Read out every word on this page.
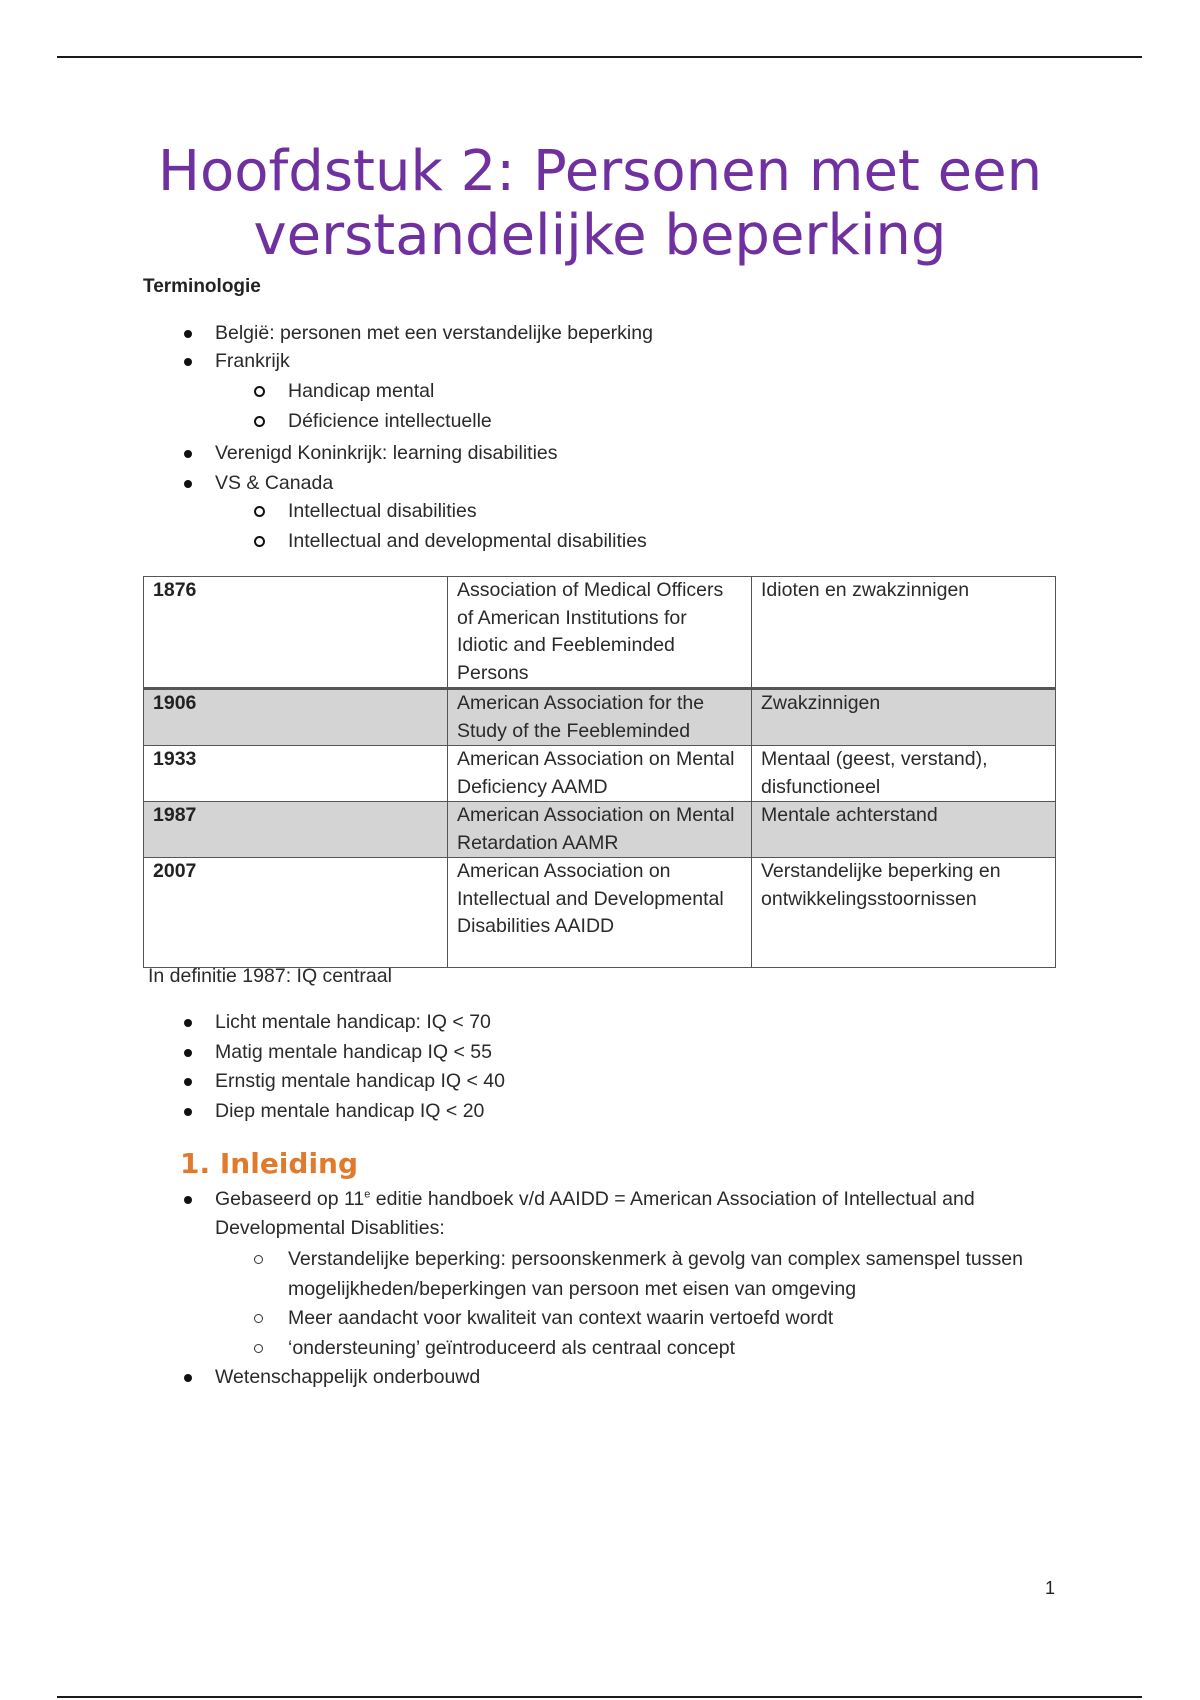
Hoofdstuk 2: Personen met een verstandelijke beperking
Terminologie
België: personen met een verstandelijke beperking
Frankrijk
Handicap mental
Déficience intellectuelle
Verenigd Koninkrijk: learning disabilities
VS & Canada
Intellectual disabilities
Intellectual and developmental disabilities
1876	Association of Medical Officers of American Institutions for Idiotic and Feebleminded Persons	Idioten en zwakzinnigen
1906	American Association for the Study of the Feebleminded	Zwakzinnigen
1933	American Association on Mental Deficiency AAMD	Mentaal (geest, verstand), disfunctioneel
1987	American Association on Mental Retardation AAMR	Mentale achterstand
2007	American Association on Intellectual and Developmental Disabilities AAIDD	Verstandelijke beperking en ontwikkelingsstoornissen
In definitie 1987: IQ centraal
Licht mentale handicap: IQ < 70
Matig mentale handicap IQ < 55
Ernstig mentale handicap IQ < 40
Diep mentale handicap IQ < 20
1. Inleiding
Gebaseerd op 11e editie handboek v/d AAIDD = American Association of Intellectual and
Developmental Disablities:
Verstandelijke beperking: persoonskenmerk à gevolg van complex samenspel tussen
mogelijkheden/beperkingen van persoon met eisen van omgeving
Meer aandacht voor kwaliteit van context waarin vertoefd wordt
‘ondersteuning’ geïntroduceerd als centraal concept
Wetenschappelijk onderbouwd
1
